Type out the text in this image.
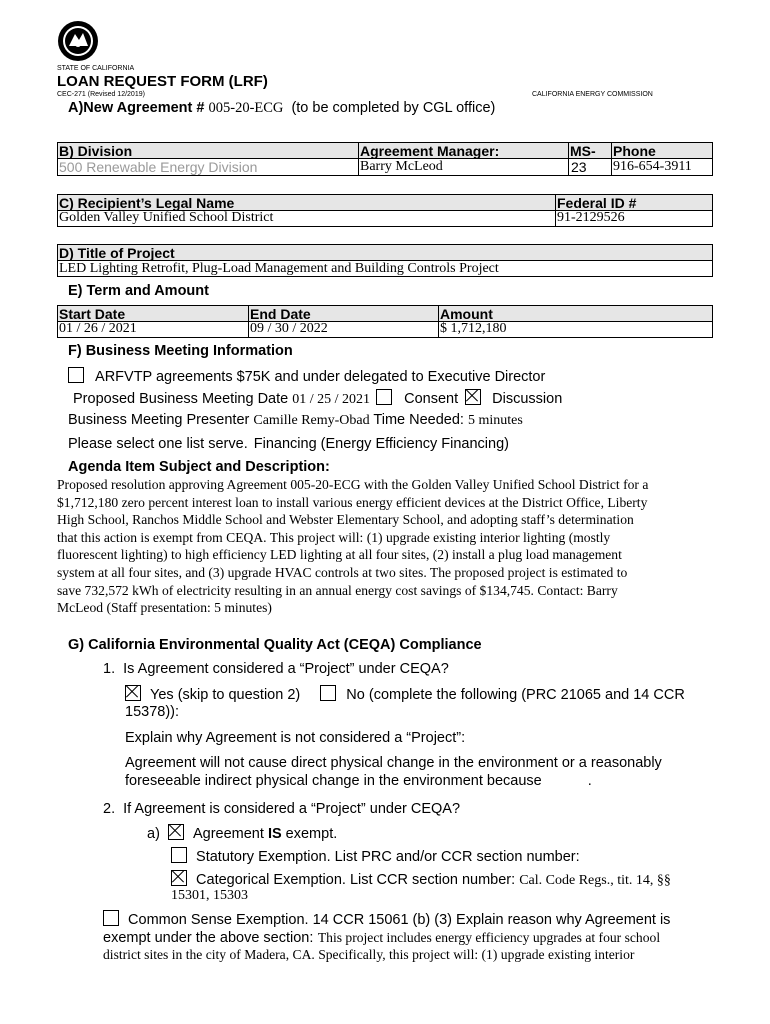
STATE OF CALIFORNIA
LOAN REQUEST FORM (LRF)
CEC-271 (Revised 12/2019)	CALIFORNIA ENERGY COMMISSION
A)New Agreement # 005-20-ECG (to be completed by CGL office)
B) Division	Agreement Manager:	MS- Phone
500 Renewable Energy Division	Barry McLeod	23 916-654-3911
C) Recipient’s Legal Name	Federal ID #
Golden Valley Unified School District	91-2129526
D) Title of Project
LED Lighting Retrofit, Plug-Load Management and Building Controls Project
E) Term and Amount
Start Date	End Date	Amount
01 / 26 / 2021	09 / 30 / 2022	$ 1,712,180
F) Business Meeting Information
ARFVTP agreements $75K and under delegated to Executive Director
Proposed Business Meeting Date 01 / 25 / 2021 Consent Discussion
Business Meeting Presenter Camille Remy-Obad Time Needed: 5 minutes
Please select one list serve. Financing (Energy Efficiency Financing)
Agenda Item Subject and Description:
Proposed resolution approving Agreement 005-20-ECG with the Golden Valley Unified School District for a
$1,712,180 zero percent interest loan to install various energy efficient devices at the District Office, Liberty
High School, Ranchos Middle School and Webster Elementary School, and adopting staff’s determination
that this action is exempt from CEQA. This project will: (1) upgrade existing interior lighting (mostly
fluorescent lighting) to high efficiency LED lighting at all four sites, (2) install a plug load management
system at all four sites, and (3) upgrade HVAC controls at two sites. The proposed project is estimated to
save 732,572 kWh of electricity resulting in an annual energy cost savings of $134,745. Contact: Barry
McLeod (Staff presentation: 5 minutes)
G) California Environmental Quality Act (CEQA) Compliance
1.  Is Agreement considered a “Project” under CEQA?
Yes (skip to question 2)	No (complete the following (PRC 21065 and 14 CCR
15378)):
Explain why Agreement is not considered a “Project”:
Agreement will not cause direct physical change in the environment or a reasonably
foreseeable indirect physical change in the environment because	.
2.  If Agreement is considered a “Project” under CEQA?
a) Agreement IS exempt.
Statutory Exemption. List PRC and/or CCR section number:
Categorical Exemption. List CCR section number: Cal. Code Regs., tit. 14, §§
15301, 15303
Common Sense Exemption. 14 CCR 15061 (b) (3) Explain reason why Agreement is
exempt under the above section: This project includes energy efficiency upgrades at four school
district sites in the city of Madera, CA. Specifically, this project will: (1) upgrade existing interior
